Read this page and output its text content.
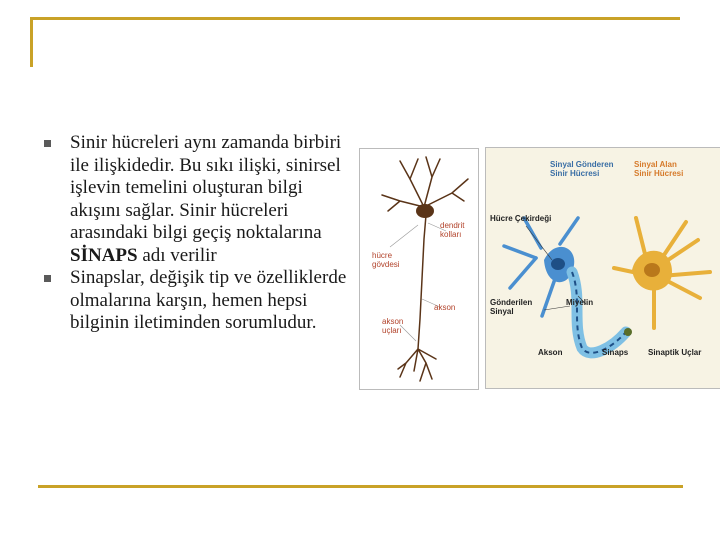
Sinir hücreleri aynı zamanda birbiri ile ilişkidedir. Bu sıkı ilişki, sinirsel işlevin temelini oluşturan bilgi akışını sağlar. Sinir hücreleri arasındaki bilgi geçiş noktalarına SİNAPS adı verilir
Sinapslar, değişik tip ve özelliklerde olmalarına karşın, hemen hepsi bilginin iletiminden sorumludur.
dendrit kolları
hücre gövdesi
akson
akson uçları
Sinyal Gönderen Sinir Hücresi
Sinyal Alan Sinir Hücresi
Hücre Çekirdeği
Gönderilen Sinyal
Miyelin
Akson	Sinaps Sinaptik Uçlar
